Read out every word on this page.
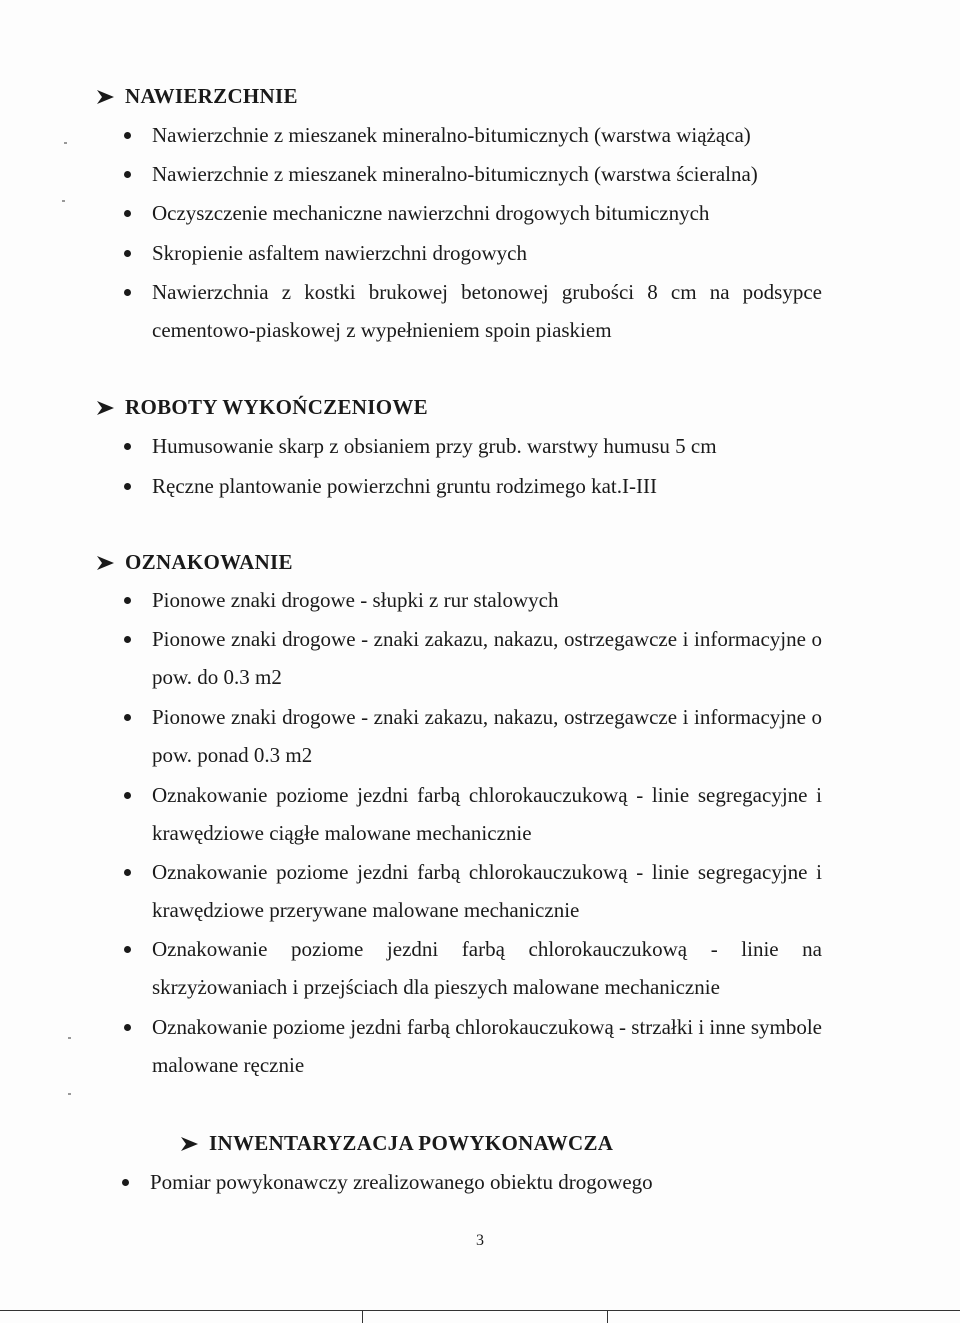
NAWIERZCHNIE
Nawierzchnie z mieszanek mineralno-bitumicznych (warstwa wiążąca)
Nawierzchnie z mieszanek mineralno-bitumicznych (warstwa ścieralna)
Oczyszczenie mechaniczne nawierzchni drogowych bitumicznych
Skropienie asfaltem nawierzchni drogowych
Nawierzchnia z kostki brukowej betonowej grubości 8 cm na podsypce cementowo-piaskowej z wypełnieniem spoin piaskiem
ROBOTY WYKOŃCZENIOWE
Humusowanie skarp z obsianiem przy grub. warstwy humusu 5 cm
Ręczne plantowanie powierzchni gruntu rodzimego kat.I-III
OZNAKOWANIE
Pionowe znaki drogowe - słupki z rur stalowych
Pionowe znaki drogowe - znaki zakazu, nakazu, ostrzegawcze i informacyjne o pow. do 0.3 m2
Pionowe znaki drogowe - znaki zakazu, nakazu, ostrzegawcze i informacyjne o pow. ponad 0.3 m2
Oznakowanie poziome jezdni farbą chlorokauczukową - linie segregacyjne i krawędziowe ciągłe malowane mechanicznie
Oznakowanie poziome jezdni farbą chlorokauczukową - linie segregacyjne i krawędziowe przerywane malowane mechanicznie
Oznakowanie poziome jezdni farbą chlorokauczukową - linie na skrzyżowaniach i przejściach dla pieszych malowane mechanicznie
Oznakowanie poziome jezdni farbą chlorokauczukową - strzałki i inne symbole malowane ręcznie
INWENTARYZACJA POWYKONAWCZA
Pomiar powykonawczy zrealizowanego obiektu drogowego
3
